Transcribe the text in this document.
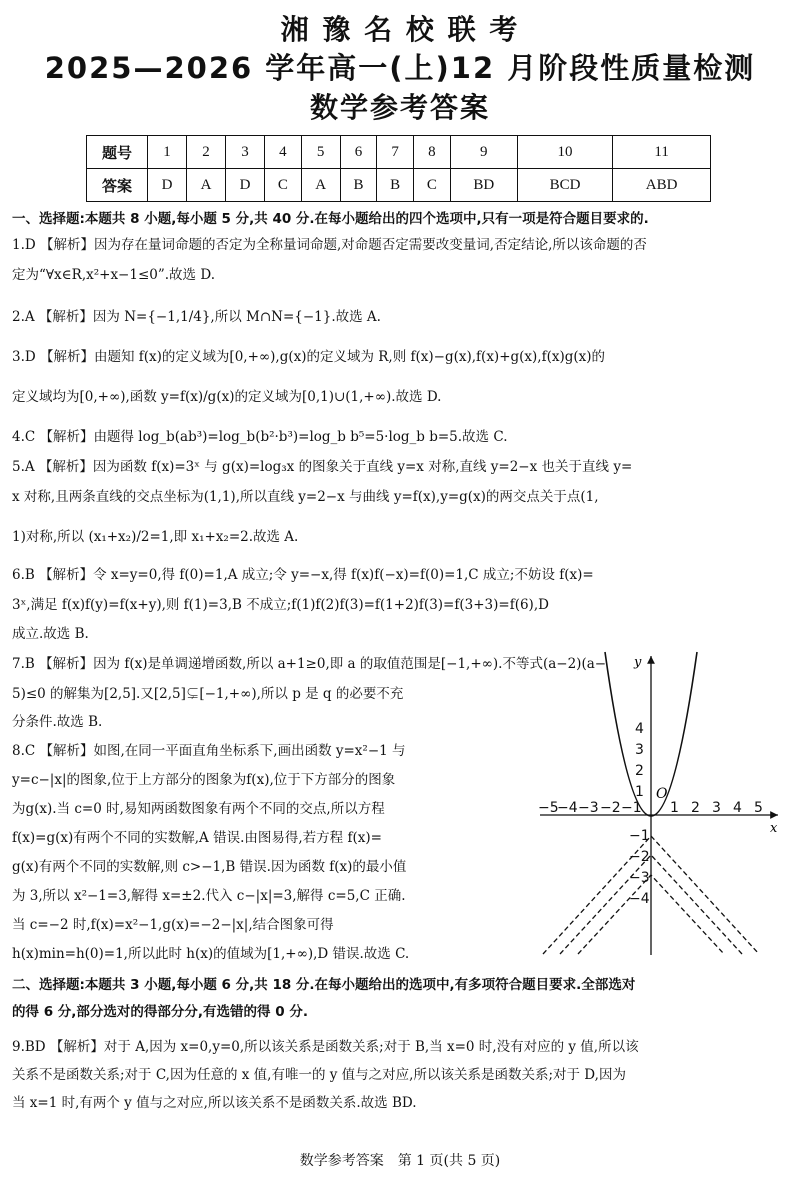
湘 豫 名 校 联 考
2025—2026 学年高一(上)12 月阶段性质量检测
数学参考答案
题号	1	2	3	4	5	6	7	8	9	10	11
答案	D	A	D	C	A	B	B	C	BD	BCD	ABD
一、选择题:本题共 8 小题,每小题 5 分,共 40 分.在每小题给出的四个选项中,只有一项是符合题目要求的.
1.D 【解析】因为存在量词命题的否定为全称量词命题,对命题否定需要改变量词,否定结论,所以该命题的否
定为“∀x∈R,x²+x−1≤0”.故选 D.
2.A 【解析】因为 N={−1,1/4},所以 M∩N={−1}.故选 A.
3.D 【解析】由题知 f(x)的定义域为[0,+∞),g(x)的定义域为 R,则 f(x)−g(x),f(x)+g(x),f(x)g(x)的
定义域均为[0,+∞),函数 y=f(x)/g(x)的定义域为[0,1)∪(1,+∞).故选 D.
4.C 【解析】由题得 log_b(ab³)=log_b(b²·b³)=log_b b⁵=5·log_b b=5.故选 C.
5.A 【解析】因为函数 f(x)=3ˣ 与 g(x)=log₃x 的图象关于直线 y=x 对称,直线 y=2−x 也关于直线 y=
x 对称,且两条直线的交点坐标为(1,1),所以直线 y=2−x 与曲线 y=f(x),y=g(x)的两交点关于点(1,
1)对称,所以 (x₁+x₂)/2=1,即 x₁+x₂=2.故选 A.
6.B 【解析】令 x=y=0,得 f(0)=1,A 成立;令 y=−x,得 f(x)f(−x)=f(0)=1,C 成立;不妨设 f(x)=
3ˣ,满足 f(x)f(y)=f(x+y),则 f(1)=3,B 不成立;f(1)f(2)f(3)=f(1+2)f(3)=f(3+3)=f(6),D
成立.故选 B.
7.B 【解析】因为 f(x)是单调递增函数,所以 a+1≥0,即 a 的取值范围是[−1,+∞).不等式(a−2)(a−
5)≤0 的解集为[2,5].又[2,5]⊊[−1,+∞),所以 p 是 q 的必要不充
分条件.故选 B.
8.C 【解析】如图,在同一平面直角坐标系下,画出函数 y=x²−1 与
y=c−|x|的图象,位于上方部分的图象为f(x),位于下方部分的图象
为g(x).当 c=0 时,易知两函数图象有两个不同的交点,所以方程
f(x)=g(x)有两个不同的实数解,A 错误.由图易得,若方程 f(x)=
g(x)有两个不同的实数解,则 c>−1,B 错误.因为函数 f(x)的最小值
为 3,所以 x²−1=3,解得 x=±2.代入 c−|x|=3,解得 c=5,C 正确.
当 c=−2 时,f(x)=x²−1,g(x)=−2−|x|,结合图象可得
h(x)min=h(0)=1,所以此时 h(x)的值域为[1,+∞),D 错误.故选 C.
x
y
O
−5
−4 −3 −2 −1 1 2 3 4 5
4
3
2
1
−1
−2
−3
−4
二、选择题:本题共 3 小题,每小题 6 分,共 18 分.在每小题给出的选项中,有多项符合题目要求.全部选对
的得 6 分,部分选对的得部分分,有选错的得 0 分.
9.BD 【解析】对于 A,因为 x=0,y=0,所以该关系是函数关系;对于 B,当 x=0 时,没有对应的 y 值,所以该
关系不是函数关系;对于 C,因为任意的 x 值,有唯一的 y 值与之对应,所以该关系是函数关系;对于 D,因为
当 x=1 时,有两个 y 值与之对应,所以该关系不是函数关系.故选 BD.
数学参考答案　第 1 页(共 5 页)
